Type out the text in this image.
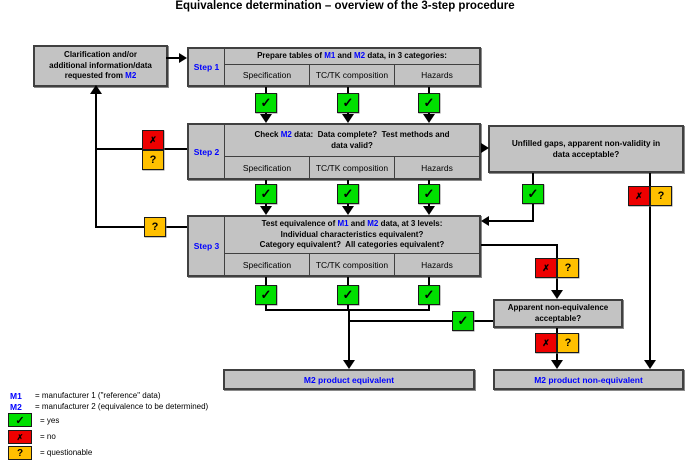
Equivalence determination – overview of the 3-step procedure
Clarification and/or
additional information/data
requested from M2
Step 1
Prepare tables of M1 and M2 data, in 3 categories:
Specification	TC/TK composition	Hazards
Step 2
Check M2 data:  Data complete?  Test methods and
data valid?
Specification	TC/TK composition	Hazards
Step 3
Test equivalence of M1 and M2 data, at 3 levels:
Individual characteristics equivalent?
Category equivalent?  All categories equivalent?
Specification	TC/TK composition	Hazards
Unfilled gaps, apparent non-validity in
data acceptable?
Apparent non-equivalence
acceptable?
M2 product equivalent	M2 product non-equivalent
✗
?
?
✓	✓	✓
✓	✓	✓	✓	✗	?
✗	?
✓	✓	✓
✓
✗	?
M1 = manufacturer 1 ("reference" data)
M2 = manufacturer 2 (equivalence to be determined)
✓	= yes
✗	= no
?	= questionable
